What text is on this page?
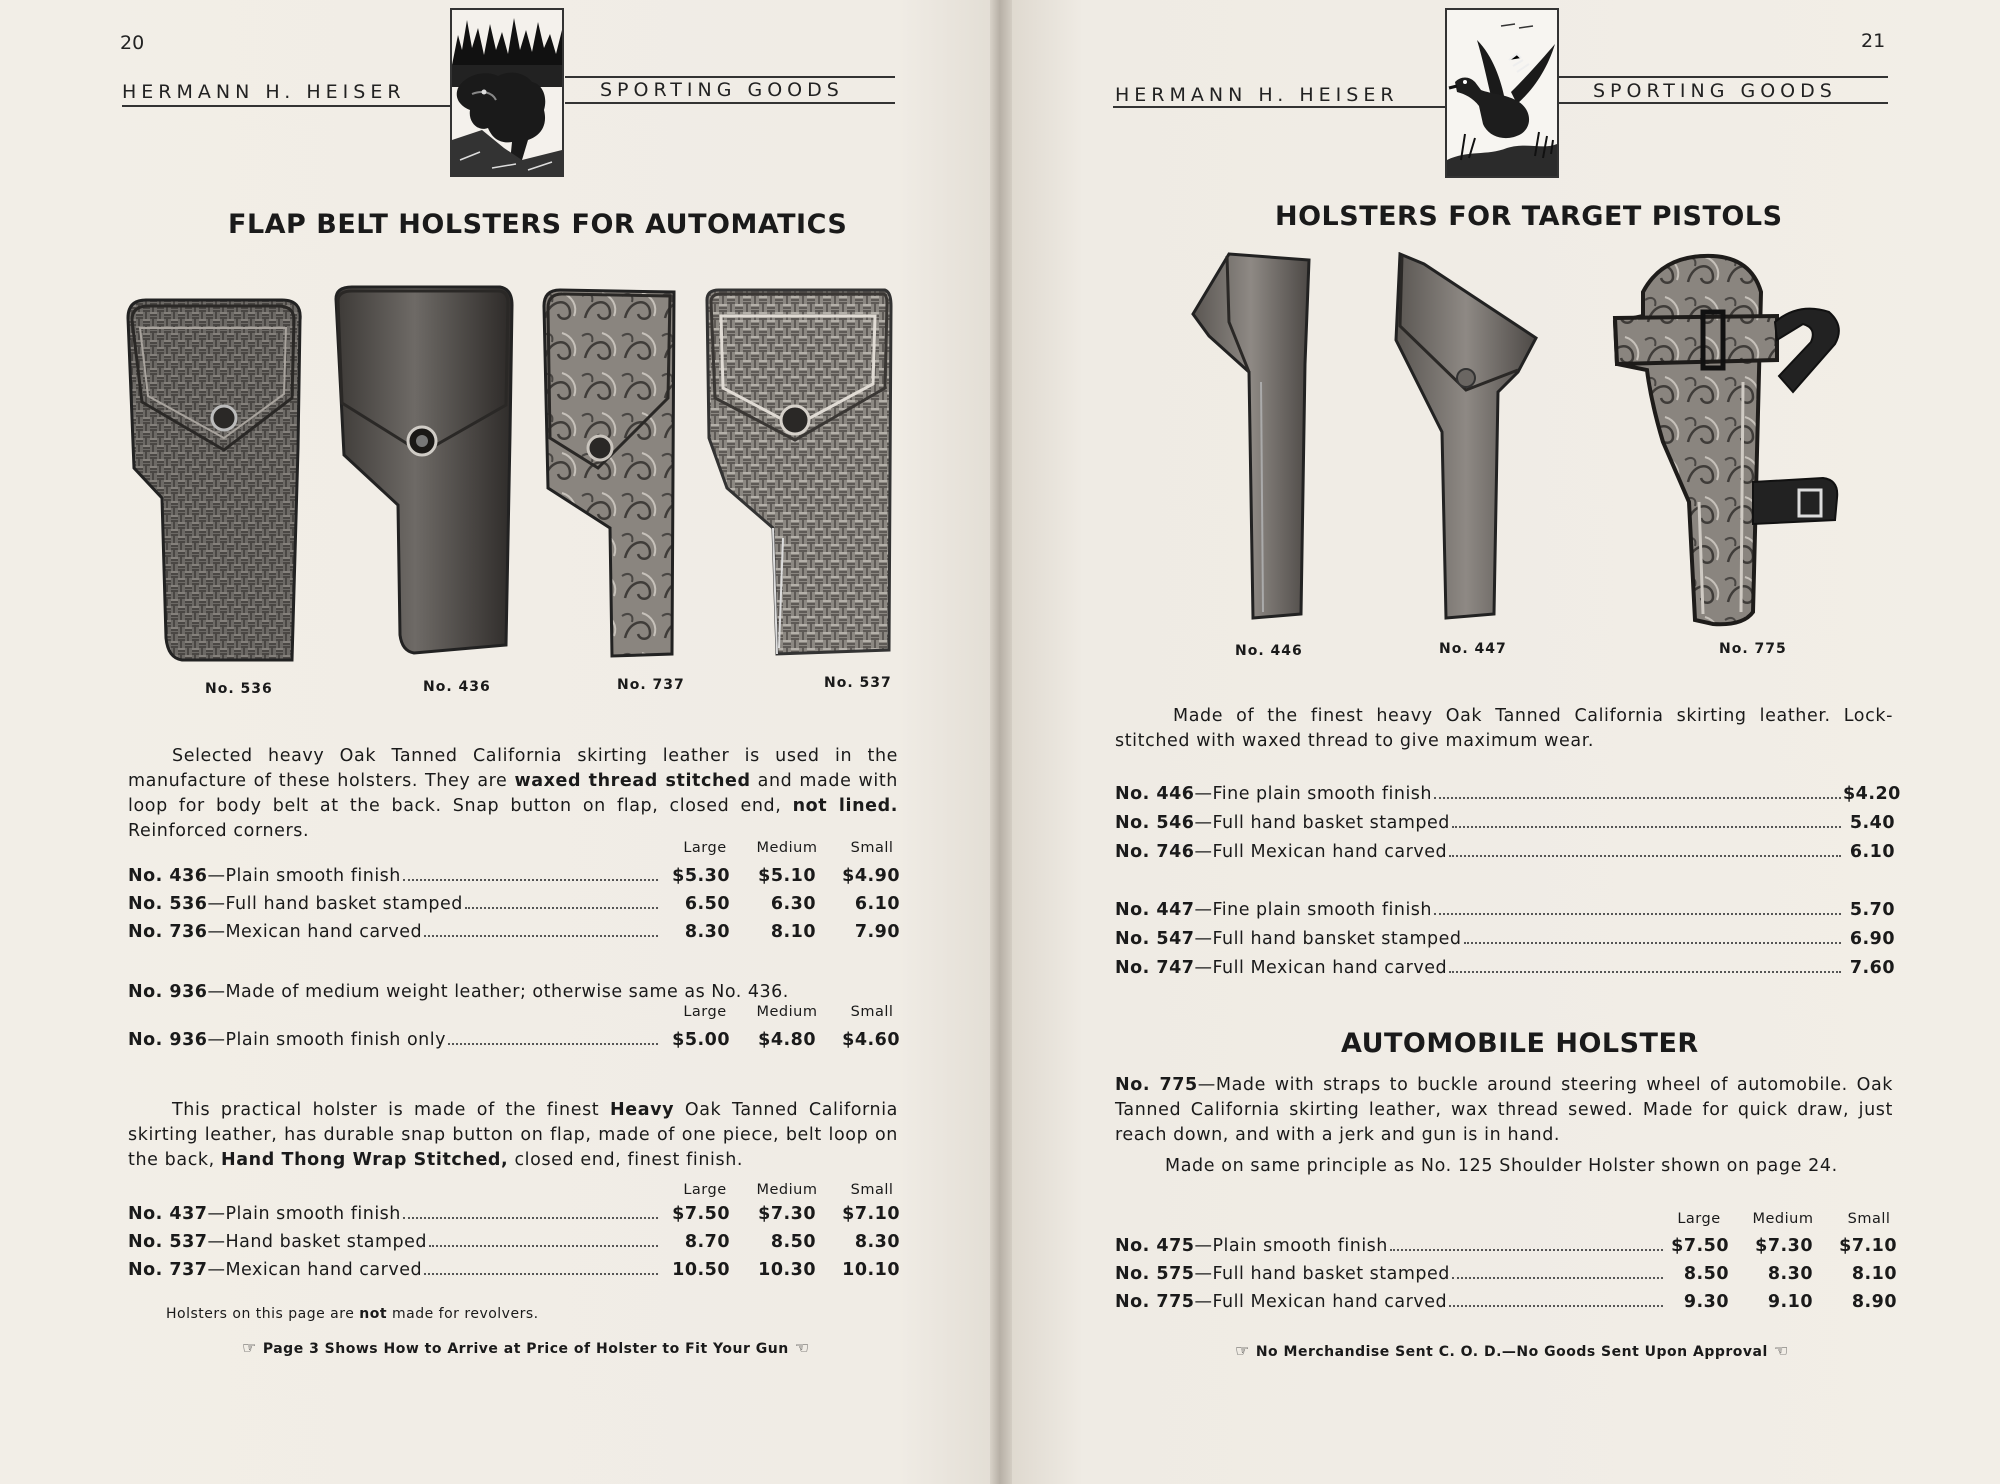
20
HERMANN H. HEISER	SPORTING GOODS
FLAP BELT HOLSTERS FOR AUTOMATICS
No. 536	No. 436	No. 737	No. 537
Selected heavy Oak Tanned California skirting leather is used in the manufacture of these holsters. They are waxed thread stitched and made with loop for body belt at the back. Snap button on flap, closed end, not lined. Reinforced corners.
Large	Medium	Small
No. 436 —Plain smooth finish	$5.30	$5.10	$4.90
No. 536 —Full hand basket stamped	6.50	6.30	6.10
No. 736 —Mexican hand carved	8.30	8.10	7.90
No. 936 —Made of medium weight leather; otherwise same as No. 436.
Large	Medium	Small
No. 936 —Plain smooth finish only	$5.00	$4.80	$4.60
This practical holster is made of the finest Heavy Oak Tanned California skirting leather, has durable snap button on flap, made of one piece, belt loop on the back, Hand Thong Wrap Stitched, closed end, finest finish.
Large	Medium	Small
No. 437 —Plain smooth finish	$7.50	$7.30	$7.10
No. 537 —Hand basket stamped	8.70	8.50	8.30
No. 737 —Mexican hand carved	10.50	10.30	10.10
Holsters on this page are not made for revolvers.
☞ Page 3 Shows How to Arrive at Price of Holster to Fit Your Gun ☜
21
HERMANN H. HEISER	SPORTING GOODS
HOLSTERS FOR TARGET PISTOLS
No. 446	No. 447	No. 775
Made of the finest heavy Oak Tanned California skirting leather. Lock-stitched with waxed thread to give maximum wear.
No. 446 —Fine plain smooth finish	$4.20
No. 546 —Full hand basket stamped	5.40
No. 746 —Full Mexican hand carved	6.10
No. 447 —Fine plain smooth finish	5.70
No. 547 —Full hand bansket stamped	6.90
No. 747 —Full Mexican hand carved	7.60
AUTOMOBILE HOLSTER
No. 775—Made with straps to buckle around steering wheel of automobile. Oak Tanned California skirting leather, wax thread sewed. Made for quick draw, just reach down, and with a jerk and gun is in hand.
Made on same principle as No. 125 Shoulder Holster shown on page 24.
Large	Medium	Small
No. 475 —Plain smooth finish	$7.50	$7.30	$7.10
No. 575 —Full hand basket stamped	8.50	8.30	8.10
No. 775 —Full Mexican hand carved	9.30	9.10	8.90
☞ No Merchandise Sent C. O. D.—No Goods Sent Upon Approval ☜
